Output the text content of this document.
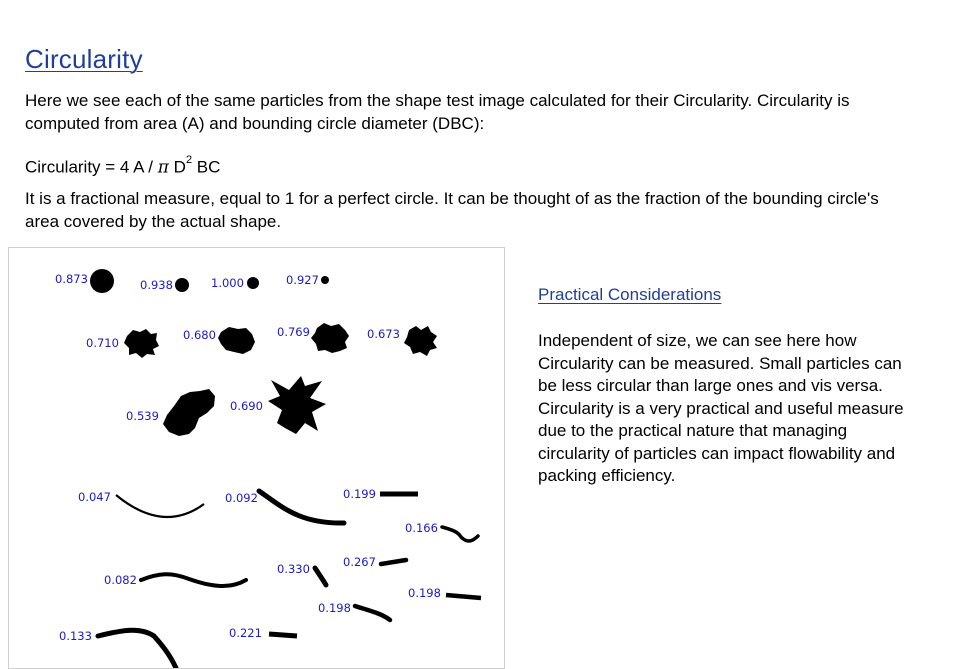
Circularity
Here we see each of the same particles from the shape test image calculated for their Circularity. Circularity is computed from area (A) and bounding circle diameter (DBC):
Circularity = 4 A / π $D^2$ BC
It is a fractional measure, equal to 1 for a perfect circle. It can be thought of as the fraction of the bounding circle's area covered by the actual shape.
0.873	0.938	1.000	0.927
0.710
0.680	0.769	0.673
0.539
0.690
0.047	0.092	0.199
0.166
0.082
0.330	0.267
0.198
0.198
0.133	0.221
Practical Considerations
Independent of size, we can see here how Circularity can be measured. Small particles can be less circular than large ones and vis versa.
Circularity is a very practical and useful measure due to the practical nature that managing circularity of particles can impact flowability and packing efficiency.
